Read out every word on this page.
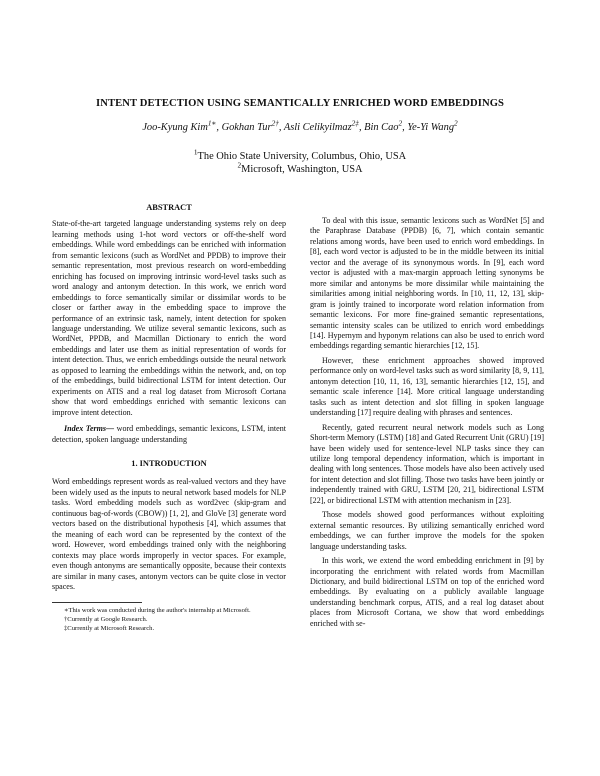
INTENT DETECTION USING SEMANTICALLY ENRICHED WORD EMBEDDINGS
Joo-Kyung Kim$^{1∗}$, Gokhan Tur$^{2\dagger}$, Asli Celikyilmaz$^{2\ddagger}$, Bin Cao$^2$, Ye-Yi Wang$^2$
$^1$The Ohio State University, Columbus, Ohio, USA
$^2$Microsoft, Washington, USA

ABSTRACT

State-of-the-art targeted language understanding systems rely on deep learning methods using 1-hot word vectors or off-the-shelf word embeddings. While word embeddings can be enriched with information from semantic lexicons (such as WordNet and PPDB) to improve their semantic representation, most previous research on word-embedding enriching has focused on improving intrinsic word-level tasks such as word analogy and antonym detection. In this work, we enrich word embeddings to force semantically similar or dissimilar words to be closer or farther away in the embedding space to improve the performance of an extrinsic task, namely, intent detection for spoken language understanding. We utilize several semantic lexicons, such as WordNet, PPDB, and Macmillan Dictionary to enrich the word embeddings and later use them as initial representation of words for intent detection. Thus, we enrich embeddings outside the neural network as opposed to learning the embeddings within the network, and, on top of the embeddings, build bidirectional LSTM for intent detection. Our experiments on ATIS and a real log dataset from Microsoft Cortana show that word embeddings enriched with semantic lexicons can improve intent detection.

Index Terms— word embeddings, semantic lexicons, LSTM, intent detection, spoken language understanding

1. INTRODUCTION

Word embeddings represent words as real-valued vectors and they have been widely used as the inputs to neural network based models for NLP tasks. Word embedding models such as word2vec (skip-gram and continuous bag-of-words (CBOW)) [1, 2], and GloVe [3] generate word vectors based on the distributional hypothesis [4], which assumes that the meaning of each word can be represented by the context of the word. However, word embeddings trained only with the neighboring contexts may place words improperly in vector spaces. For example, even though antonyms are semantically opposite, because their contexts are similar in many cases, antonym vectors can be quite close in vector spaces.

∗This work was conducted during the author's internship at Microsoft.
†Currently at Google Research.
‡Currently at Microsoft Research.

To deal with this issue, semantic lexicons such as WordNet [5] and the Paraphrase Database (PPDB) [6, 7], which contain semantic relations among words, have been used to enrich word embeddings. In [8], each word vector is adjusted to be in the middle between its initial vector and the average of its synonymous words. In [9], each word vector is adjusted with a max-margin approach letting synonyms be more similar and antonyms be more dissimilar while maintaining the similarities among initial neighboring words. In [10, 11, 12, 13], skip-gram is jointly trained to incorporate word relation information from semantic lexicons. For more fine-grained semantic representations, semantic intensity scales can be utilized to enrich word embeddings [14]. Hypernym and hyponym relations can also be used to enrich word embeddings regarding semantic hierarchies [12, 15].

However, these enrichment approaches showed improved performance only on word-level tasks such as word similarity [8, 9, 11], antonym detection [10, 11, 16, 13], semantic hierarchies [12, 15], and semantic scale inference [14]. More critical language understanding tasks such as intent detection and slot filling in spoken language understanding [17] require dealing with phrases and sentences.

Recently, gated recurrent neural network models such as Long Short-term Memory (LSTM) [18] and Gated Recurrent Unit (GRU) [19] have been widely used for sentence-level NLP tasks since they can utilize long temporal dependency information, which is important in dealing with long sentences. Those models have also been actively used for intent detection and slot filling. Those two tasks have been jointly or independently trained with GRU, LSTM [20, 21], bidirectional LSTM [22], or bidirectional LSTM with attention mechanism in [23].

Those models showed good performances without exploiting external semantic resources. By utilizing semantically enriched word embeddings, we can further improve the models for the spoken language understanding tasks.

In this work, we extend the word embedding enrichment in [9] by incorporating the enrichment with related words from Macmillan Dictionary, and build bidirectional LSTM on top of the enriched word embeddings. By evaluating on a publicly available language understanding benchmark corpus, ATIS, and a real log dataset about places from Microsoft Cortana, we show that word embeddings enriched with se-
